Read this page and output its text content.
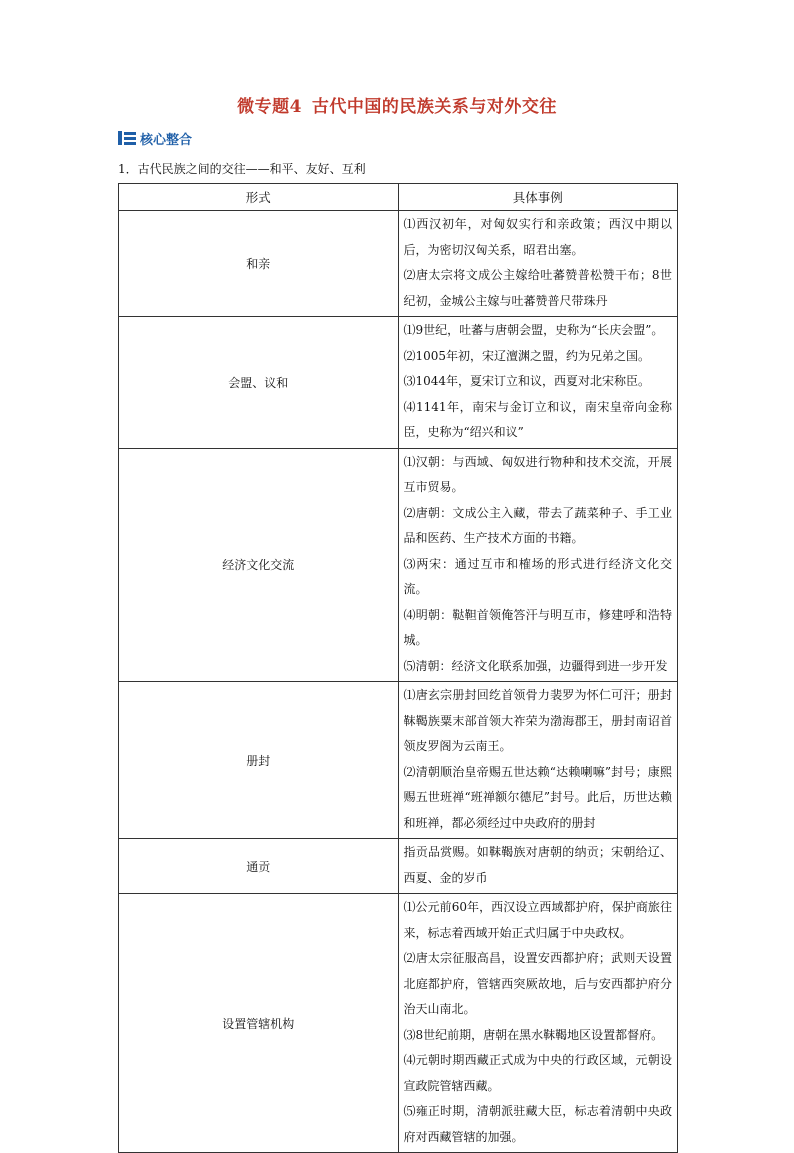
微专题4 古代中国的民族关系与对外交往
核心整合
1．古代民族之间的交往——和平、友好、互利
形式	具体事例
和亲	⑴西汉初年，对匈奴实行和亲政策；西汉中期以后，为密切汉匈关系，昭君出塞。

⑵唐太宗将文成公主嫁给吐蕃赞普松赞干布；8世纪初，金城公主嫁与吐蕃赞普尺带珠丹

会盟、议和	⑴9世纪，吐蕃与唐朝会盟，史称为“长庆会盟”。

⑵1005年初，宋辽澶渊之盟，约为兄弟之国。

⑶1044年，夏宋订立和议，西夏对北宋称臣。

⑷1141年，南宋与金订立和议，南宋皇帝向金称臣，史称为“绍兴和议”

经济文化交流	⑴汉朝：与西域、匈奴进行物种和技术交流，开展互市贸易。

⑵唐朝：文成公主入藏，带去了蔬菜种子、手工业品和医药、生产技术方面的书籍。

⑶两宋：通过互市和榷场的形式进行经济文化交流。

⑷明朝：鞑靼首领俺答汗与明互市，修建呼和浩特城。

⑸清朝：经济文化联系加强，边疆得到进一步开发

册封	⑴唐玄宗册封回纥首领骨力裴罗为怀仁可汗；册封靺鞨族粟末部首领大祚荣为渤海郡王，册封南诏首领皮罗阁为云南王。

⑵清朝顺治皇帝赐五世达赖“达赖喇嘛”封号；康熙赐五世班禅“班禅额尔德尼”封号。此后，历世达赖和班禅，都必须经过中央政府的册封

通贡	指贡品赏赐。如靺鞨族对唐朝的纳贡；宋朝给辽、西夏、金的岁币

设置管辖机构	⑴公元前60年，西汉设立西域都护府，保护商旅往来，标志着西域开始正式归属于中央政权。

⑵唐太宗征服高昌，设置安西都护府；武则天设置北庭都护府，管辖西突厥故地，后与安西都护府分治天山南北。

⑶8世纪前期，唐朝在黑水靺鞨地区设置都督府。

⑷元朝时期西藏正式成为中央的行政区域，元朝设宣政院管辖西藏。

⑸雍正时期，清朝派驻藏大臣，标志着清朝中央政府对西藏管辖的加强。
